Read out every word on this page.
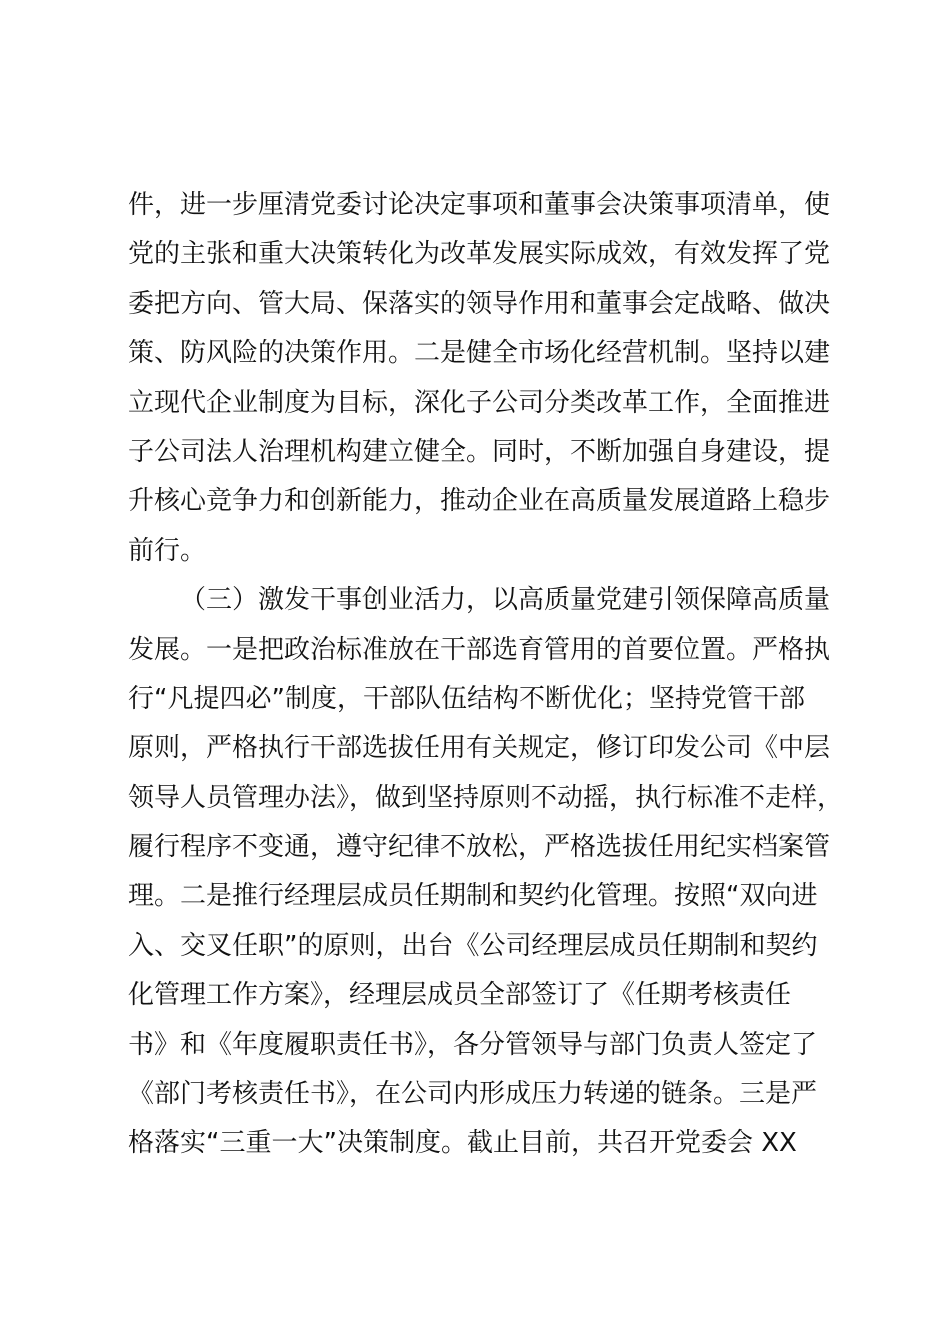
件，进一步厘清党委讨论决定事项和董事会决策事项清单，使
党的主张和重大决策转化为改革发展实际成效，有效发挥了党
委把方向、管大局、保落实的领导作用和董事会定战略、做决
策、防风险的决策作用。二是健全市场化经营机制。坚持以建
立现代企业制度为目标，深化子公司分类改革工作，全面推进
子公司法人治理机构建立健全。同时，不断加强自身建设，提
升核心竞争力和创新能力，推动企业在高质量发展道路上稳步
前行。
（三）激发干事创业活力，以高质量党建引领保障高质量
发展。一是把政治标准放在干部选育管用的首要位置。严格执
行“凡提四必”制度，干部队伍结构不断优化；坚持党管干部
原则，严格执行干部选拔任用有关规定，修订印发公司《中层
领导人员管理办法》，做到坚持原则不动摇，执行标准不走样，
履行程序不变通，遵守纪律不放松，严格选拔任用纪实档案管
理。二是推行经理层成员任期制和契约化管理。按照“双向进
入、交叉任职”的原则，出台《公司经理层成员任期制和契约
化管理工作方案》，经理层成员全部签订了《任期考核责任
书》和《年度履职责任书》，各分管领导与部门负责人签定了
《部门考核责任书》，在公司内形成压力转递的链条。三是严
格落实“三重一大”决策制度。截止目前，共召开党委会 XX
